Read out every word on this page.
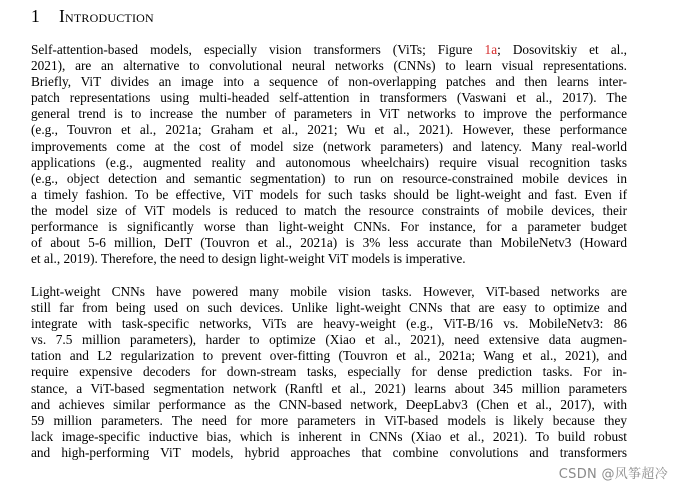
1 Introduction
Self-attention-based models, especially vision transformers (ViTs; Figure 1a; Dosovitskiy et al.,
2021), are an alternative to convolutional neural networks (CNNs) to learn visual representations.
Briefly, ViT divides an image into a sequence of non-overlapping patches and then learns inter-
patch representations using multi-headed self-attention in transformers (Vaswani et al., 2017). The
general trend is to increase the number of parameters in ViT networks to improve the performance
(e.g., Touvron et al., 2021a; Graham et al., 2021; Wu et al., 2021). However, these performance
improvements come at the cost of model size (network parameters) and latency. Many real-world
applications (e.g., augmented reality and autonomous wheelchairs) require visual recognition tasks
(e.g., object detection and semantic segmentation) to run on resource-constrained mobile devices in
a timely fashion. To be effective, ViT models for such tasks should be light-weight and fast. Even if
the model size of ViT models is reduced to match the resource constraints of mobile devices, their
performance is significantly worse than light-weight CNNs. For instance, for a parameter budget
of about 5-6 million, DeIT (Touvron et al., 2021a) is 3% less accurate than MobileNetv3 (Howard
et al., 2019). Therefore, the need to design light-weight ViT models is imperative.
Light-weight CNNs have powered many mobile vision tasks. However, ViT-based networks are
still far from being used on such devices. Unlike light-weight CNNs that are easy to optimize and
integrate with task-specific networks, ViTs are heavy-weight (e.g., ViT-B/16 vs. MobileNetv3: 86
vs. 7.5 million parameters), harder to optimize (Xiao et al., 2021), need extensive data augmen-
tation and L2 regularization to prevent over-fitting (Touvron et al., 2021a; Wang et al., 2021), and
require expensive decoders for down-stream tasks, especially for dense prediction tasks. For in-
stance, a ViT-based segmentation network (Ranftl et al., 2021) learns about 345 million parameters
and achieves similar performance as the CNN-based network, DeepLabv3 (Chen et al., 2017), with
59 million parameters. The need for more parameters in ViT-based models is likely because they
lack image-specific inductive bias, which is inherent in CNNs (Xiao et al., 2021). To build robust
and high-performing ViT models, hybrid approaches that combine convolutions and transformers
CSDN @风筝超冷
